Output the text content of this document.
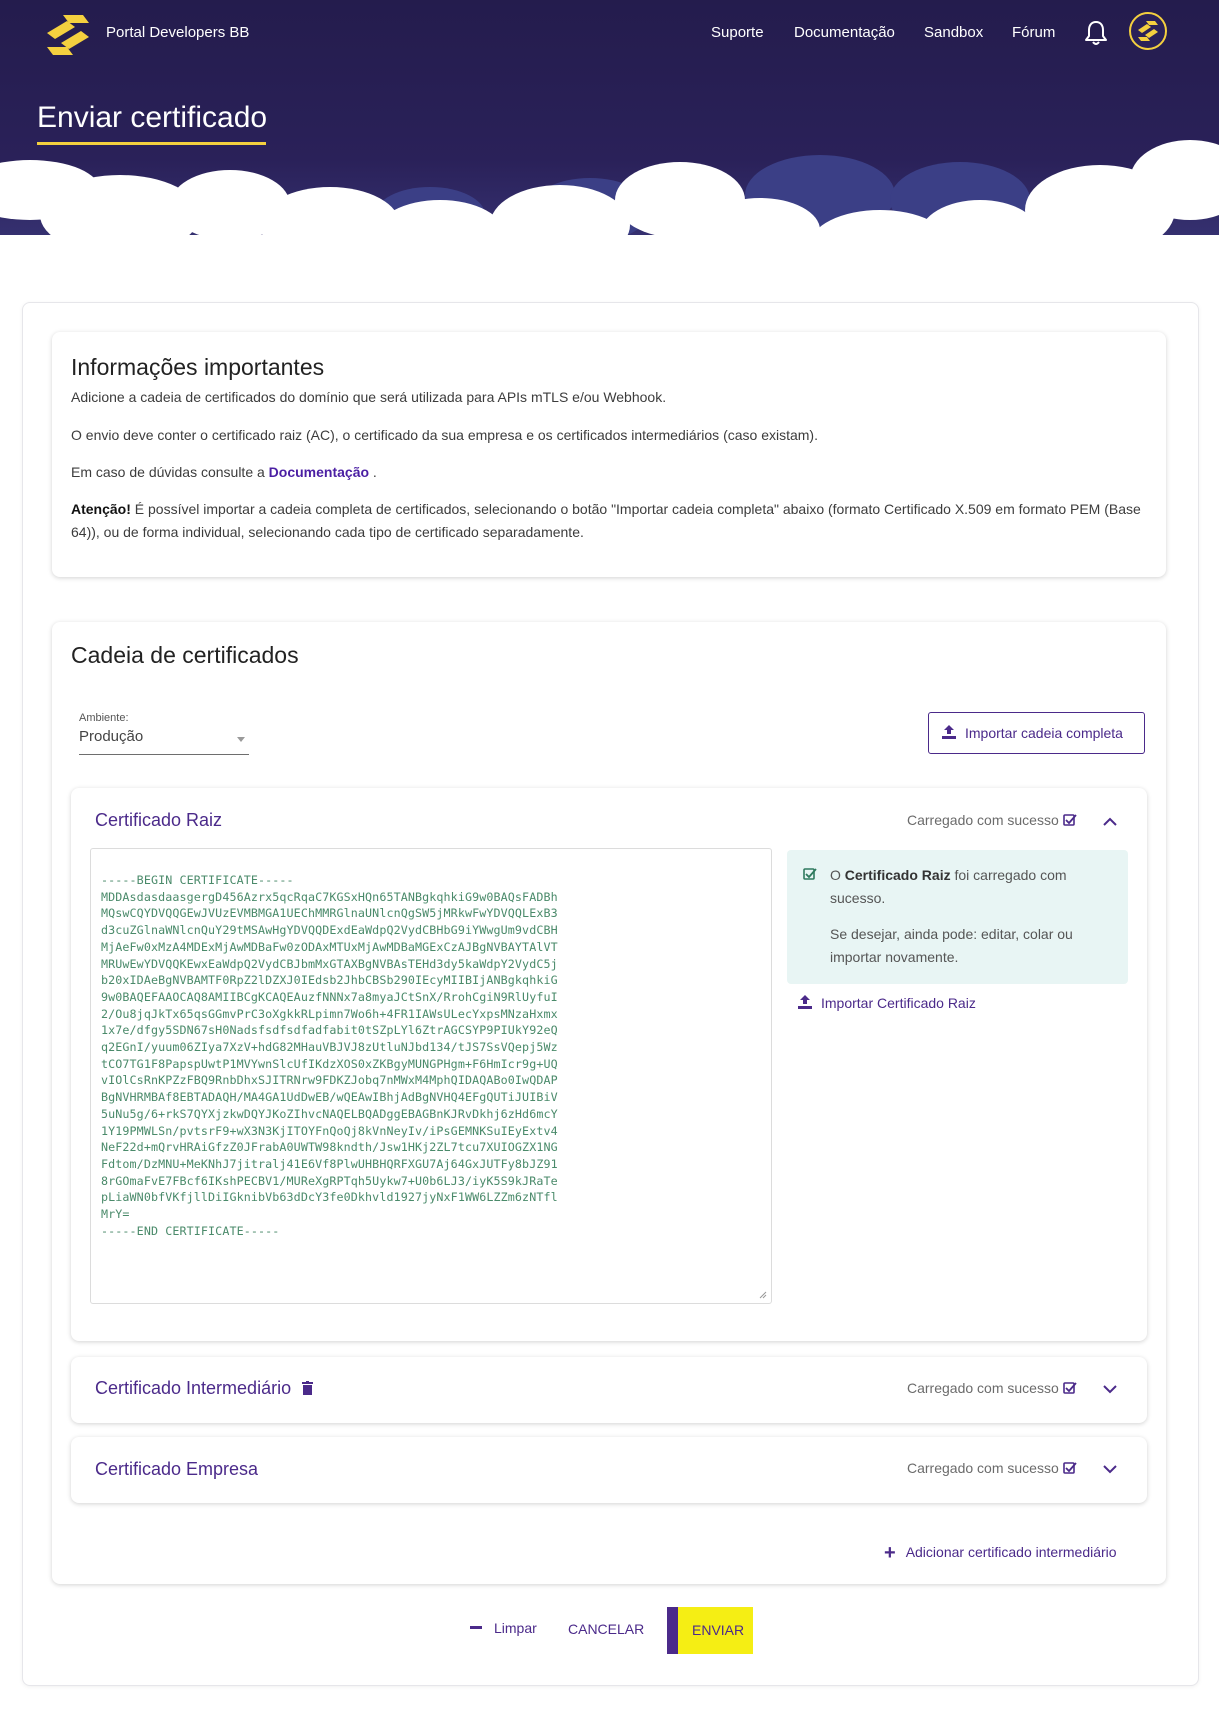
Portal Developers BB	Suporte Documentação Sandbox Fórum
Enviar certificado
Informações importantes

Adicione a cadeia de certificados do domínio que será utilizada para APIs mTLS e/ou Webhook.

O envio deve conter o certificado raiz (AC), o certificado da sua empresa e os certificados intermediários (caso existam).

Em caso de dúvidas consulte a Documentação .

Atenção! É possível importar a cadeia completa de certificados, selecionando o botão "Importar cadeia completa" abaixo (formato Certificado X.509 em formato PEM (Base 64)), ou de forma individual, selecionando cada tipo de certificado separadamente.

Cadeia de certificados
Ambiente:
Produção	Importar cadeia completa
Certificado Raiz	Carregado com sucesso
-----BEGIN CERTIFICATE-----
MDDAsdasdaasgergD456Azrx5qcRqaC7KGSxHQn65TANBgkqhkiG9w0BAQsFADBh
MQswCQYDVQQGEwJVUzEVMBMGA1UEChMMRGlnaUNlcnQgSW5jMRkwFwYDVQQLExB3
d3cuZGlnaWNlcnQuY29tMSAwHgYDVQQDExdEaWdpQ2VydCBHbG9iYWwgUm9vdCBH
MjAeFw0xMzA4MDExMjAwMDBaFw0zODAxMTUxMjAwMDBaMGExCzAJBgNVBAYTAlVT
MRUwEwYDVQQKEwxEaWdpQ2VydCBJbmMxGTAXBgNVBAsTEHd3dy5kaWdpY2VydC5j
b20xIDAeBgNVBAMTF0RpZ2lDZXJ0IEdsb2JhbCBSb290IEcyMIIBIjANBgkqhkiG
9w0BAQEFAAOCAQ8AMIIBCgKCAQEAuzfNNNx7a8myaJCtSnX/RrohCgiN9RlUyfuI
2/Ou8jqJkTx65qsGGmvPrC3oXgkkRLpimn7Wo6h+4FR1IAWsULecYxpsMNzaHxmx
1x7e/dfgy5SDN67sH0Nadsfsdfsdfadfabit0tSZpLYl6ZtrAGCSYP9PIUkY92eQ
q2EGnI/yuum06ZIya7XzV+hdG82MHauVBJVJ8zUtluNJbd134/tJS7SsVQepj5Wz
tCO7TG1F8PapspUwtP1MVYwnSlcUfIKdzXOS0xZKBgyMUNGPHgm+F6HmIcr9g+UQ
vIOlCsRnKPZzFBQ9RnbDhxSJITRNrw9FDKZJobq7nMWxM4MphQIDAQABo0IwQDAP
BgNVHRMBAf8EBTADAQH/MA4GA1UdDwEB/wQEAwIBhjAdBgNVHQ4EFgQUTiJUIBiV
5uNu5g/6+rkS7QYXjzkwDQYJKoZIhvcNAQELBQADggEBAGBnKJRvDkhj6zHd6mcY
1Y19PMWLSn/pvtsrF9+wX3N3KjITOYFnQoQj8kVnNeyIv/iPsGEMNKSuIEyExtv4
NeF22d+mQrvHRAiGfzZ0JFrabA0UWTW98kndth/Jsw1HKj2ZL7tcu7XUIOGZX1NG
Fdtom/DzMNU+MeKNhJ7jitralj41E6Vf8PlwUHBHQRFXGU7Aj64GxJUTFy8bJZ91
8rGOmaFvE7FBcf6IKshPECBV1/MUReXgRPTqh5Uykw7+U0b6LJ3/iyK5S9kJRaTe
pLiaWN0bfVKfjllDiIGknibVb63dDcY3fe0Dkhvld1927jyNxF1WW6LZZm6zNTfl
MrY=
-----END CERTIFICATE-----
O Certificado Raiz foi carregado com sucesso.
Se desejar, ainda pode: editar, colar ou importar novamente.
Importar Certificado Raiz
Certificado Intermediário	Carregado com sucesso
Certificado Empresa	Carregado com sucesso
+ Adicionar certificado intermediário
Limpar CANCELAR	ENVIAR
